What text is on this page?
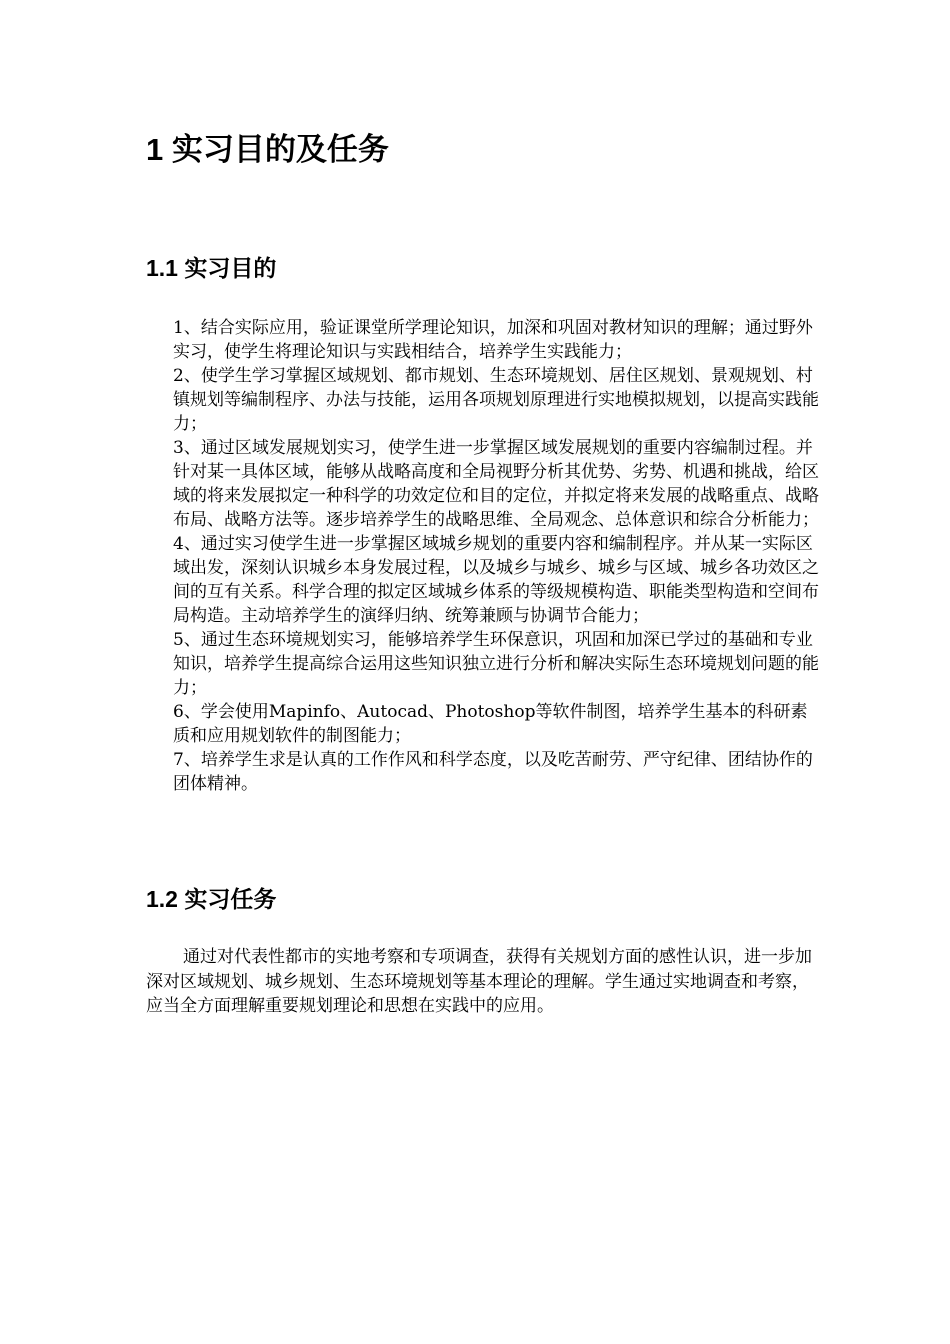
1 实习目的及任务
1.1 实习目的
1、结合实际应用，验证课堂所学理论知识，加深和巩固对教材知识的理解；通过野外实习，使学生将理论知识与实践相结合，培养学生实践能力；
2、使学生学习掌握区域规划、都市规划、生态环境规划、居住区规划、景观规划、村镇规划等编制程序、办法与技能，运用各项规划原理进行实地模拟规划，以提高实践能力；
3、通过区域发展规划实习，使学生进一步掌握区域发展规划的重要内容编制过程。并针对某一具体区域，能够从战略高度和全局视野分析其优势、劣势、机遇和挑战，给区域的将来发展拟定一种科学的功效定位和目的定位，并拟定将来发展的战略重点、战略布局、战略方法等。逐步培养学生的战略思维、全局观念、总体意识和综合分析能力；
4、通过实习使学生进一步掌握区域城乡规划的重要内容和编制程序。并从某一实际区域出发，深刻认识城乡本身发展过程，以及城乡与城乡、城乡与区域、城乡各功效区之间的互有关系。科学合理的拟定区域城乡体系的等级规模构造、职能类型构造和空间布局构造。主动培养学生的演绎归纳、统筹兼顾与协调节合能力；
5、通过生态环境规划实习，能够培养学生环保意识，巩固和加深已学过的基础和专业知识，培养学生提高综合运用这些知识独立进行分析和解决实际生态环境规划问题的能力；
6、学会使用Mapinfo、Autocad、Photoshop等软件制图，培养学生基本的科研素质和应用规划软件的制图能力；
7、培养学生求是认真的工作作风和科学态度，以及吃苦耐劳、严守纪律、团结协作的团体精神。
1.2 实习任务

通过对代表性都市的实地考察和专项调查，获得有关规划方面的感性认识，进一步加深对区域规划、城乡规划、生态环境规划等基本理论的理解。学生通过实地调查和考察，应当全方面理解重要规划理论和思想在实践中的应用。
